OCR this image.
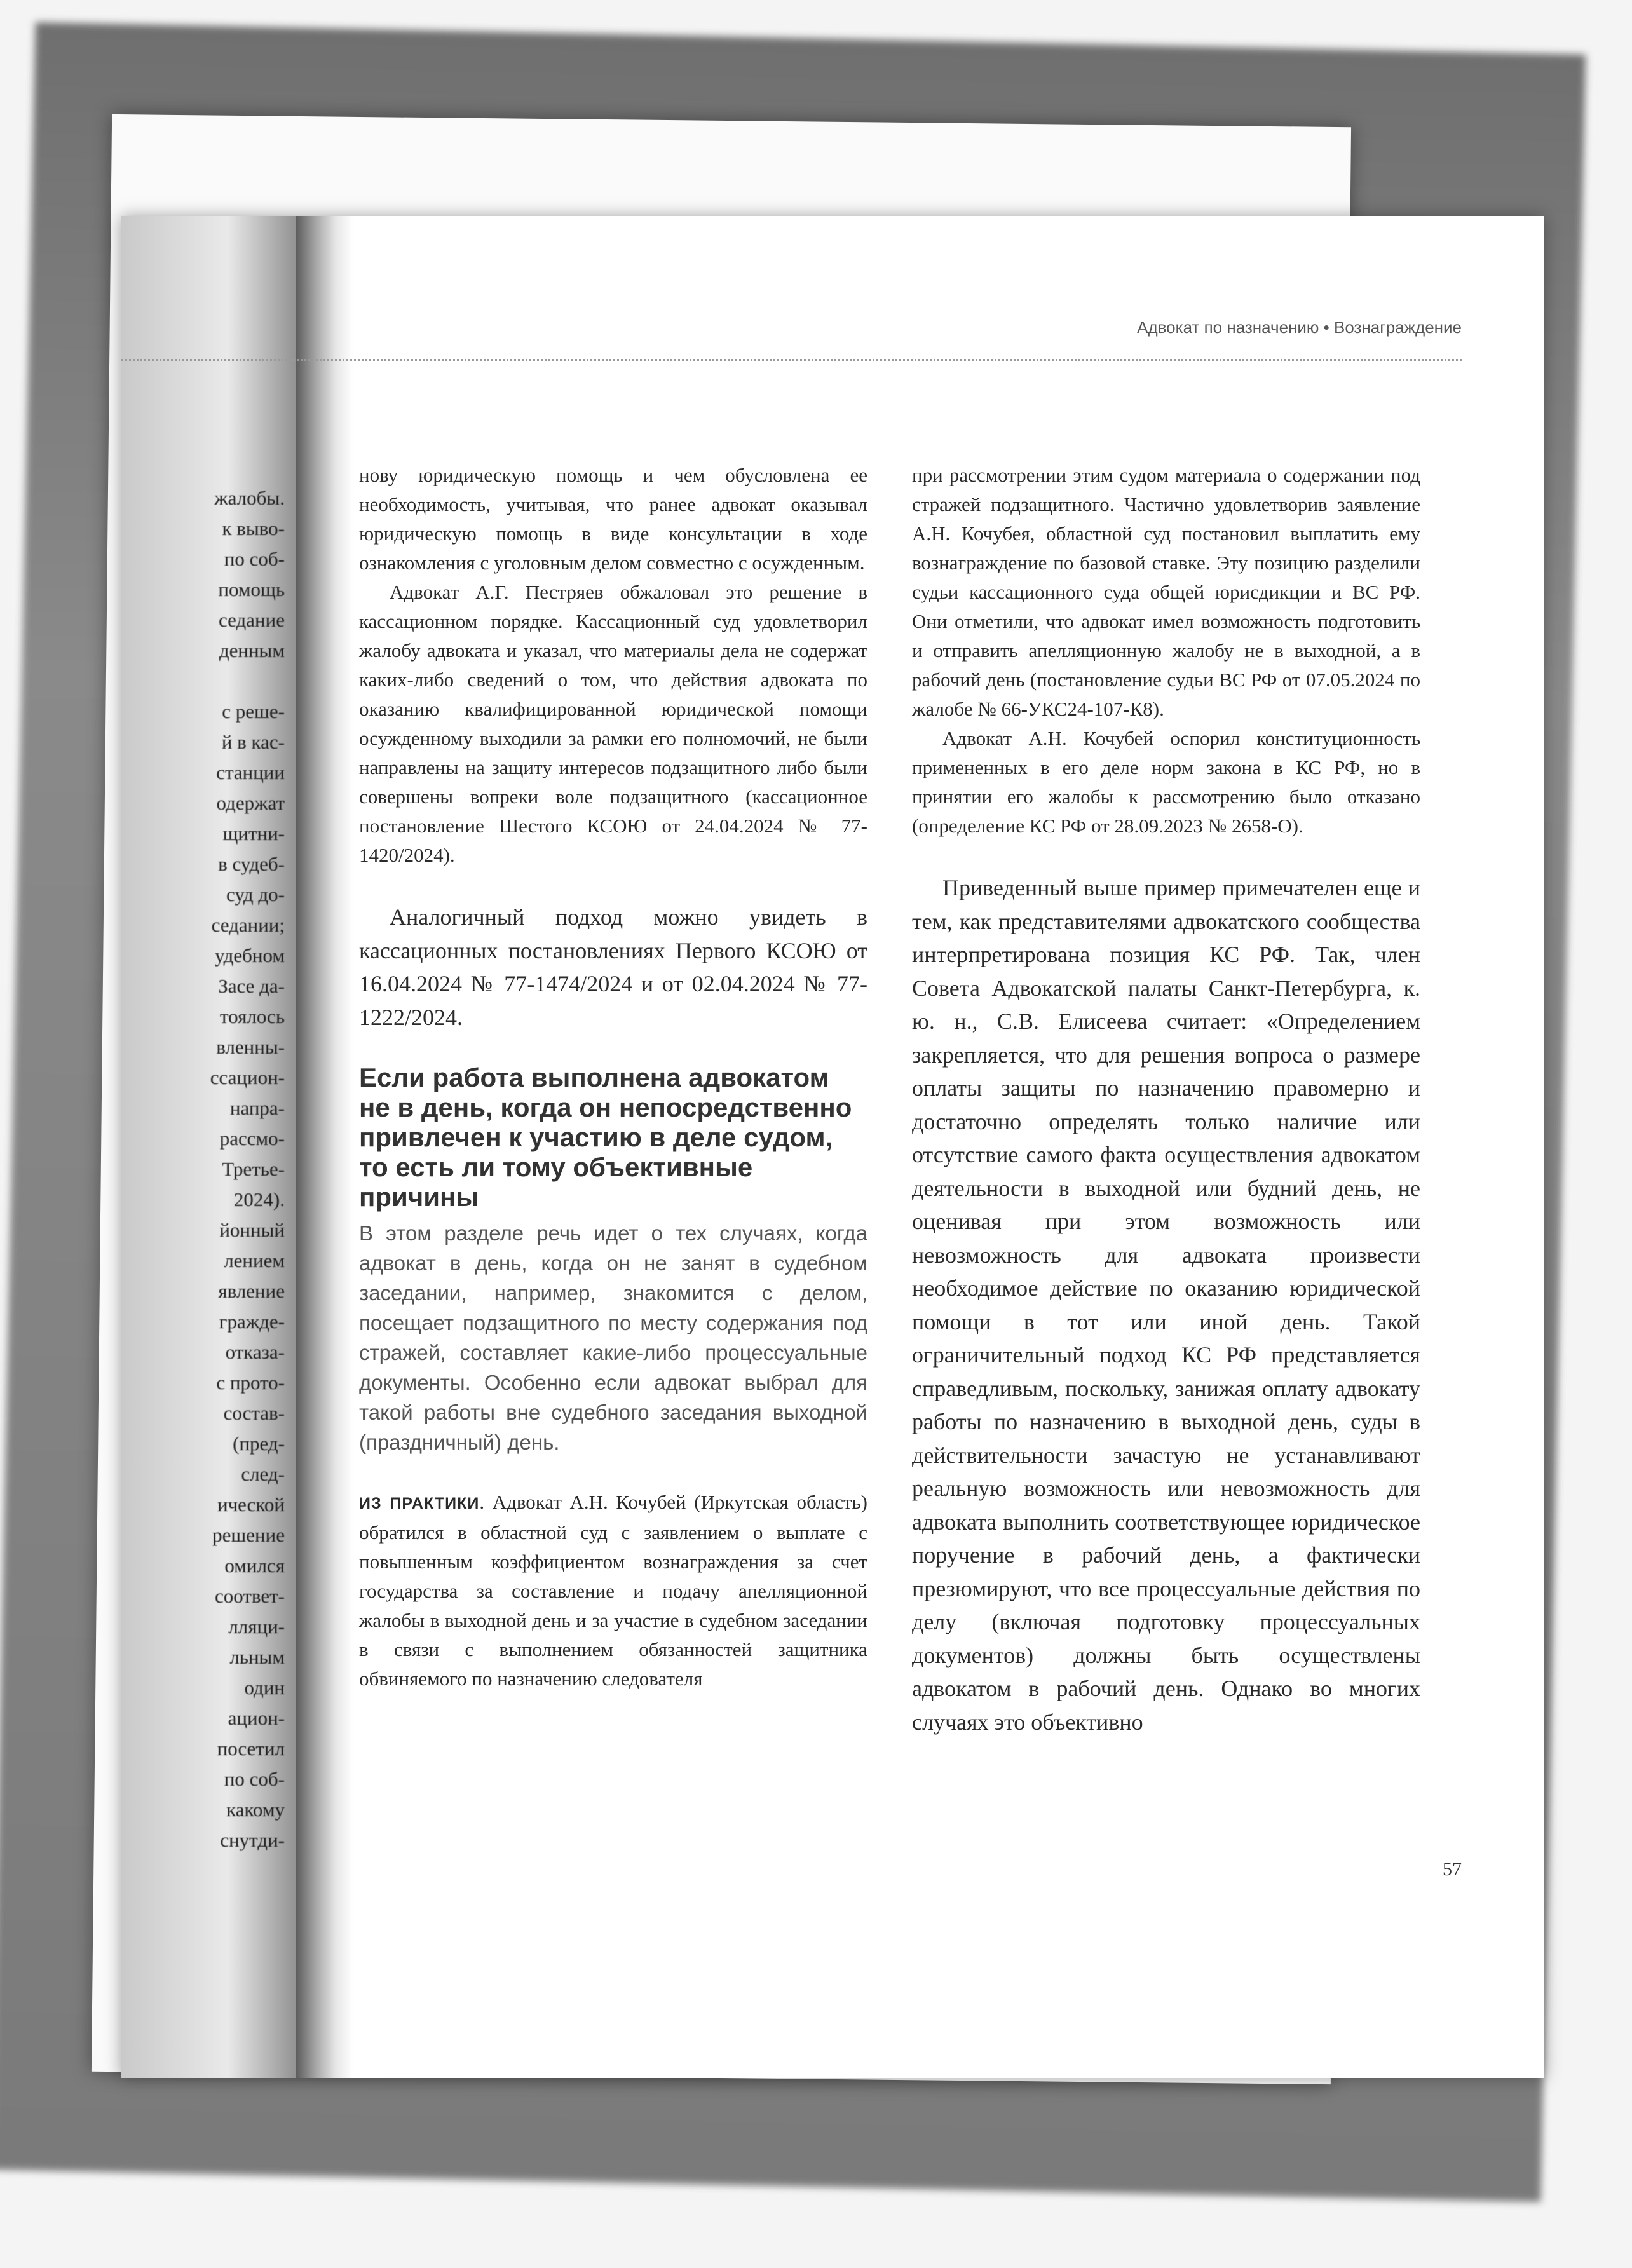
жалобы.
к выво-
по соб-
помощь
седание
денным

с реше-
й в кас-
станции
одержат
щитни-
в судеб-
суд до-
седании;
удебном
Засе да-
тоялось
вленны-
ссацион-
напра-
рассмо-
Третье-
2024).
йонный
лением
явление
гражде-
отказа-
с прото-
состав-
(пред-
след-
ической
решение
омился
соответ-
лляци-
льным
один
ацион-
посетил
по соб-
какому
снутди-
Адвокат по назначению • Вознаграждение

нову юридическую помощь и чем обусловлена ее необходимость, учитывая, что ранее адвокат оказывал юридическую помощь в виде консультации в ходе ознакомления с уголовным делом совместно с осужденным.

Адвокат А.Г. Пестряев обжаловал это решение в кассационном порядке. Кассационный суд удовлетворил жалобу адвоката и указал, что материалы дела не содержат каких-либо сведений о том, что действия адвоката по оказанию квалифицированной юридической помощи осужденному выходили за рамки его полномочий, не были направлены на защиту интересов подзащитного либо были совершены вопреки воле подзащитного (кассационное постановление Шестого КСОЮ от 24.04.2024 № 77-1420/2024).

Аналогичный подход можно увидеть в кассационных постановлениях Первого КСОЮ от 16.04.2024 № 77-1474/2024 и от 02.04.2024 № 77-1222/2024.

Если работа выполнена адвокатом не в день, когда он непосредственно привлечен к участию в деле судом, то есть ли тому объективные причины

В этом разделе речь идет о тех случаях, когда адвокат в день, когда он не занят в судебном заседании, например, знакомится с делом, посещает подзащитного по месту содержания под стражей, составляет какие-либо процессуальные документы. Особенно если адвокат выбрал для такой работы вне судебного заседания выходной (праздничный) день.

ИЗ ПРАКТИКИ. Адвокат А.Н. Кочубей (Иркутская область) обратился в областной суд с заявлением о выплате с повышенным коэффициентом вознаграждения за счет государства за составление и подачу апелляционной жалобы в выходной день и за участие в судебном заседании в связи с выполнением обязанностей защитника обвиняемого по назначению следователя

при рассмотрении этим судом материала о содержании под стражей подзащитного. Частично удовлетворив заявление А.Н. Кочубея, областной суд постановил выплатить ему вознаграждение по базовой ставке. Эту позицию разделили судьи кассационного суда общей юрисдикции и ВС РФ. Они отметили, что адвокат имел возможность подготовить и отправить апелляционную жалобу не в выходной, а в рабочий день (постановление судьи ВС РФ от 07.05.2024 по жалобе № 66-УКС24-107-К8).

Адвокат А.Н. Кочубей оспорил конституционность примененных в его деле норм закона в КС РФ, но в принятии его жалобы к рассмотрению было отказано (определение КС РФ от 28.09.2023 № 2658-О).

Приведенный выше пример примечателен еще и тем, как представителями адвокатского сообщества интерпретирована позиция КС РФ. Так, член Совета Адвокатской палаты Санкт-Петербурга, к. ю. н., С.В. Елисеева считает: «Определением закрепляется, что для решения вопроса о размере оплаты защиты по назначению правомерно и достаточно определять только наличие или отсутствие самого факта осуществления адвокатом деятельности в выходной или будний день, не оценивая при этом возможность или невозможность для адвоката произвести необходимое действие по оказанию юридической помощи в тот или иной день. Такой ограничительный подход КС РФ представляется справедливым, поскольку, занижая оплату адвокату работы по назначению в выходной день, суды в действительности зачастую не устанавливают реальную возможность или невозможность для адвоката выполнить соответствующее юридическое поручение в рабочий день, а фактически презюмируют, что все процессуальные действия по делу (включая подготовку процессуальных документов) должны быть осуществлены адвокатом в рабочий день. Однако во многих случаях это объективно

57
